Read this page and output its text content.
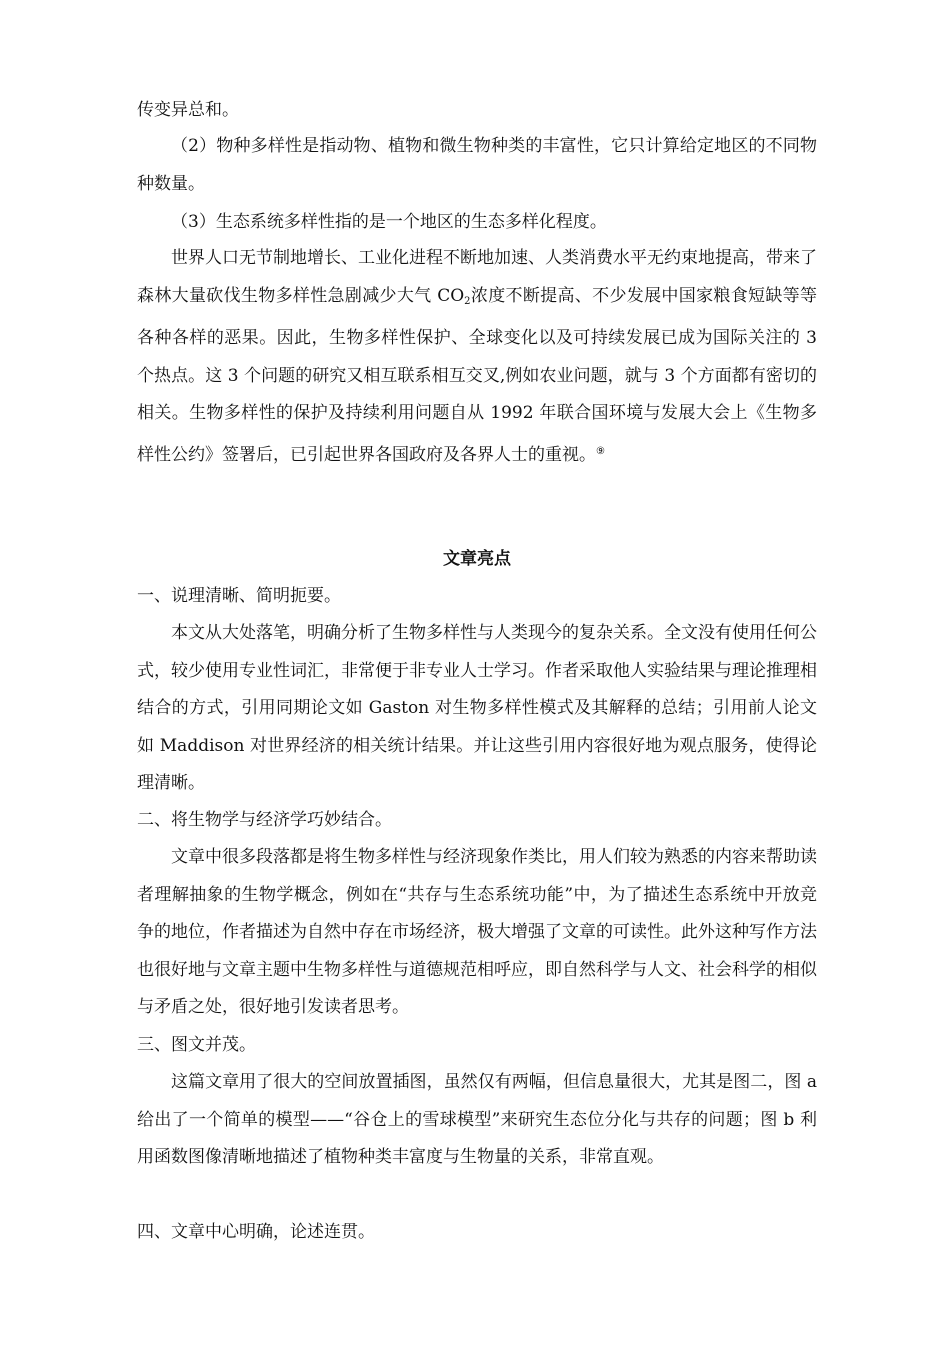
传变异总和。

（2）物种多样性是指动物、植物和微生物种类的丰富性，它只计算给定地区的不同物种数量。

（3）生态系统多样性指的是一个地区的生态多样化程度。

世界人口无节制地增长、工业化进程不断地加速、人类消费水平无约束地提高，带来了森林大量砍伐生物多样性急剧减少大气 $CO_2$浓度不断提高、不少发展中国家粮食短缺等等各种各样的恶果。因此，生物多样性保护、全球变化以及可持续发展已成为国际关注的 3 个热点。这 3 个问题的研究又相互联系相互交叉,例如农业问题，就与 3 个方面都有密切的相关。生物多样性的保护及持续利用问题自从 1992 年联合国环境与发展大会上《生物多样性公约》签署后，已引起世界各国政府及各界人士的重视。⑨

文章亮点

一、说理清晰、简明扼要。

本文从大处落笔，明确分析了生物多样性与人类现今的复杂关系。全文没有使用任何公式，较少使用专业性词汇，非常便于非专业人士学习。作者采取他人实验结果与理论推理相结合的方式，引用同期论文如 Gaston 对生物多样性模式及其解释的总结；引用前人论文如 Maddison 对世界经济的相关统计结果。并让这些引用内容很好地为观点服务，使得论理清晰。

二、将生物学与经济学巧妙结合。

文章中很多段落都是将生物多样性与经济现象作类比，用人们较为熟悉的内容来帮助读者理解抽象的生物学概念，例如在“共存与生态系统功能”中，为了描述生态系统中开放竞争的地位，作者描述为自然中存在市场经济，极大增强了文章的可读性。此外这种写作方法也很好地与文章主题中生物多样性与道德规范相呼应，即自然科学与人文、社会科学的相似与矛盾之处，很好地引发读者思考。

三、图文并茂。

这篇文章用了很大的空间放置插图，虽然仅有两幅，但信息量很大，尤其是图二，图 a 给出了一个简单的模型——“谷仓上的雪球模型”来研究生态位分化与共存的问题；图 b 利用函数图像清晰地描述了植物种类丰富度与生物量的关系，非常直观。

四、文章中心明确，论述连贯。
